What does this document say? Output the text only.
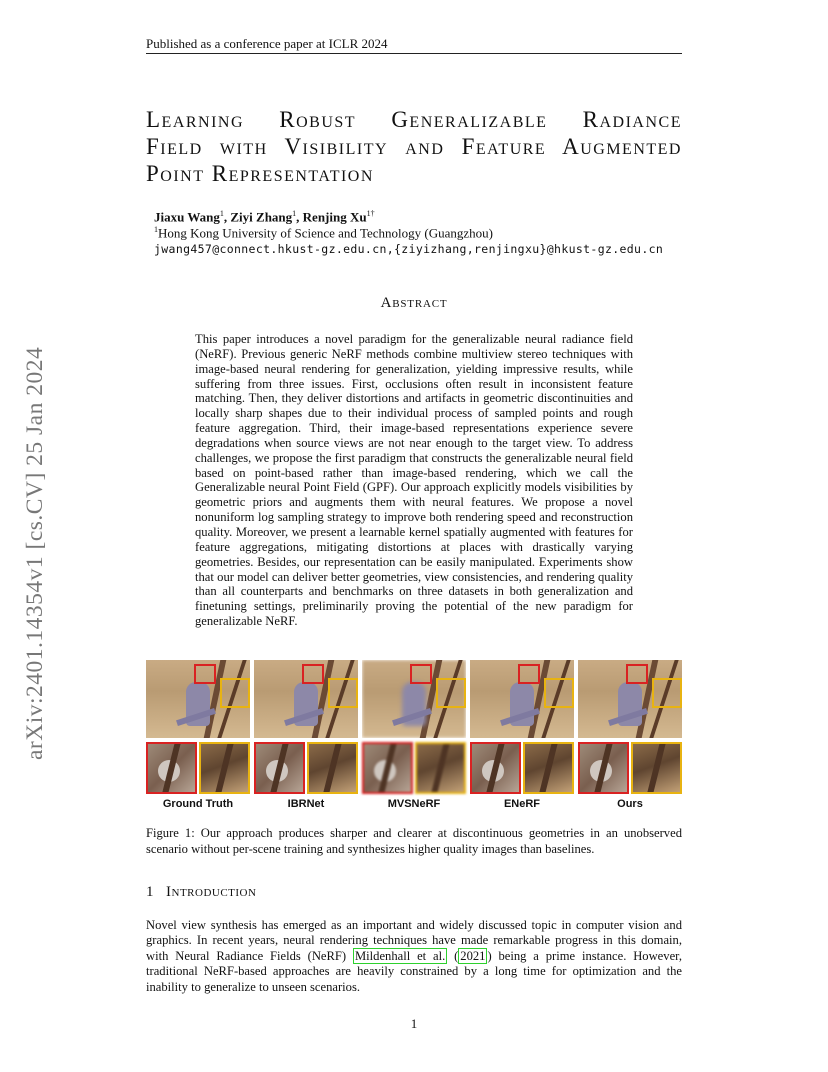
Published as a conference paper at ICLR 2024
arXiv:2401.14354v1 [cs.CV] 25 Jan 2024
Learning Robust Generalizable Radiance
Field with Visibility and Feature Augmented
Point Representation
Jiaxu Wang$^1$, Ziyi Zhang$^1$, Renjing $Xu^{1\dagger}$
$^1$Hong Kong University of Science and Technology (Guangzhou)
jwang457@connect.hkust-gz.edu.cn,{ziyizhang,renjingxu}@hkust-gz.edu.cn
Abstract
This paper introduces a novel paradigm for the generalizable neural radiance field (NeRF). Previous generic NeRF methods combine multiview stereo techniques with image-based neural rendering for generalization, yielding impressive results, while suffering from three issues. First, occlusions often result in inconsistent feature matching. Then, they deliver distortions and artifacts in geometric discontinuities and locally sharp shapes due to their individual process of sampled points and rough feature aggregation. Third, their image-based representations experience severe degradations when source views are not near enough to the target view. To address challenges, we propose the first paradigm that constructs the generalizable neural field based on point-based rather than image-based rendering, which we call the Generalizable neural Point Field (GPF). Our approach explicitly models visibilities by geometric priors and augments them with neural features. We propose a novel nonuniform log sampling strategy to improve both rendering speed and reconstruction quality. Moreover, we present a learnable kernel spatially augmented with features for feature aggregations, mitigating distortions at places with drastically varying geometries. Besides, our representation can be easily manipulated. Experiments show that our model can deliver better geometries, view consistencies, and rendering quality than all counterparts and benchmarks on three datasets in both generalization and finetuning settings, preliminarily proving the potential of the new paradigm for generalizable NeRF.
Ground Truth	IBRNet	MVSNeRF	ENeRF	Ours
Figure 1: Our approach produces sharper and clearer at discontinuous geometries in an unobserved scenario without per-scene training and synthesizes higher quality images than baselines.
1 Introduction
Novel view synthesis has emerged as an important and widely discussed topic in computer vision and graphics. In recent years, neural rendering techniques have made remarkable progress in this domain, with Neural Radiance Fields (NeRF) Mildenhall et al. ( 2021 ) being a prime instance. However, traditional NeRF-based approaches are heavily constrained by a long time for optimization and the inability to generalize to unseen scenarios.
1
